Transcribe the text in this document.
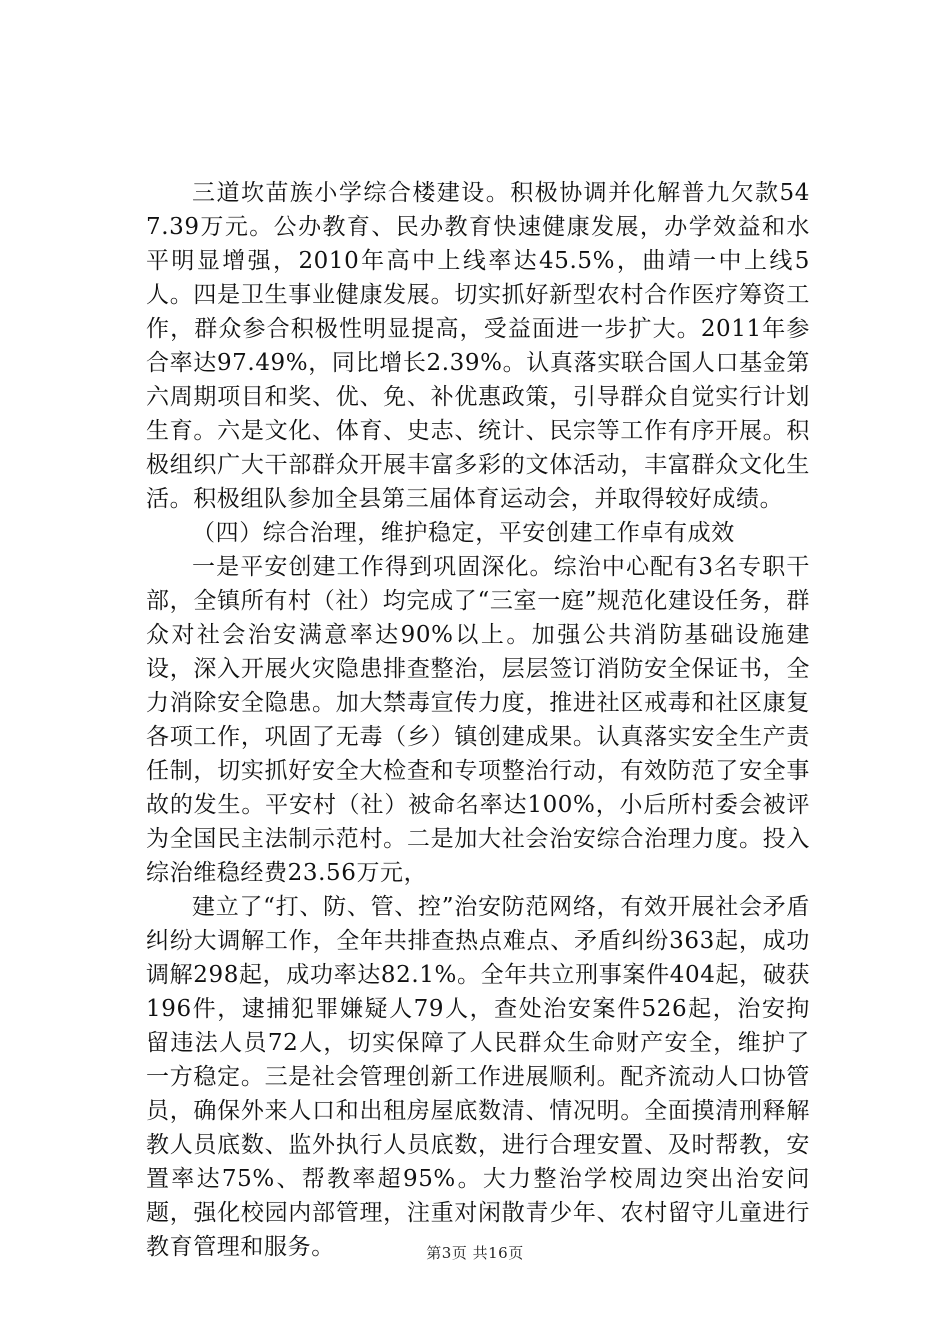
三道坎苗族小学综合楼建设。积极协调并化解普九欠款547.39万元。公办教育、民办教育快速健康发展，办学效益和水平明显增强，2010年高中上线率达45.5%，曲靖一中上线5人。四是卫生事业健康发展。切实抓好新型农村合作医疗筹资工作，群众参合积极性明显提高，受益面进一步扩大。2011年参合率达97.49%，同比增长2.39%。认真落实联合国人口基金第六周期项目和奖、优、免、补优惠政策，引导群众自觉实行计划生育。六是文化、体育、史志、统计、民宗等工作有序开展。积极组织广大干部群众开展丰富多彩的文体活动，丰富群众文化生活。积极组队参加全县第三届体育运动会，并取得较好成绩。

（四）综合治理，维护稳定，平安创建工作卓有成效

一是平安创建工作得到巩固深化。综治中心配有3名专职干部，全镇所有村（社）均完成了“三室一庭”规范化建设任务，群众对社会治安满意率达90%以上。加强公共消防基础设施建设，深入开展火灾隐患排查整治，层层签订消防安全保证书，全力消除安全隐患。加大禁毒宣传力度，推进社区戒毒和社区康复各项工作，巩固了无毒（乡）镇创建成果。认真落实安全生产责任制，切实抓好安全大检查和专项整治行动，有效防范了安全事故的发生。平安村（社）被命名率达100%，小后所村委会被评为全国民主法制示范村。二是加大社会治安综合治理力度。投入综治维稳经费23.56万元，

建立了“打、防、管、控”治安防范网络，有效开展社会矛盾纠纷大调解工作，全年共排查热点难点、矛盾纠纷363起，成功调解298起，成功率达82.1%。全年共立刑事案件404起，破获196件，逮捕犯罪嫌疑人79人，查处治安案件526起，治安拘留违法人员72人，切实保障了人民群众生命财产安全，维护了一方稳定。三是社会管理创新工作进展顺利。配齐流动人口协管员，确保外来人口和出租房屋底数清、情况明。全面摸清刑释解教人员底数、监外执行人员底数，进行合理安置、及时帮教，安置率达75%、帮教率超95%。大力整治学校周边突出治安问题，强化校园内部管理，注重对闲散青少年、农村留守儿童进行教育管理和服务。	第3页 共16页
